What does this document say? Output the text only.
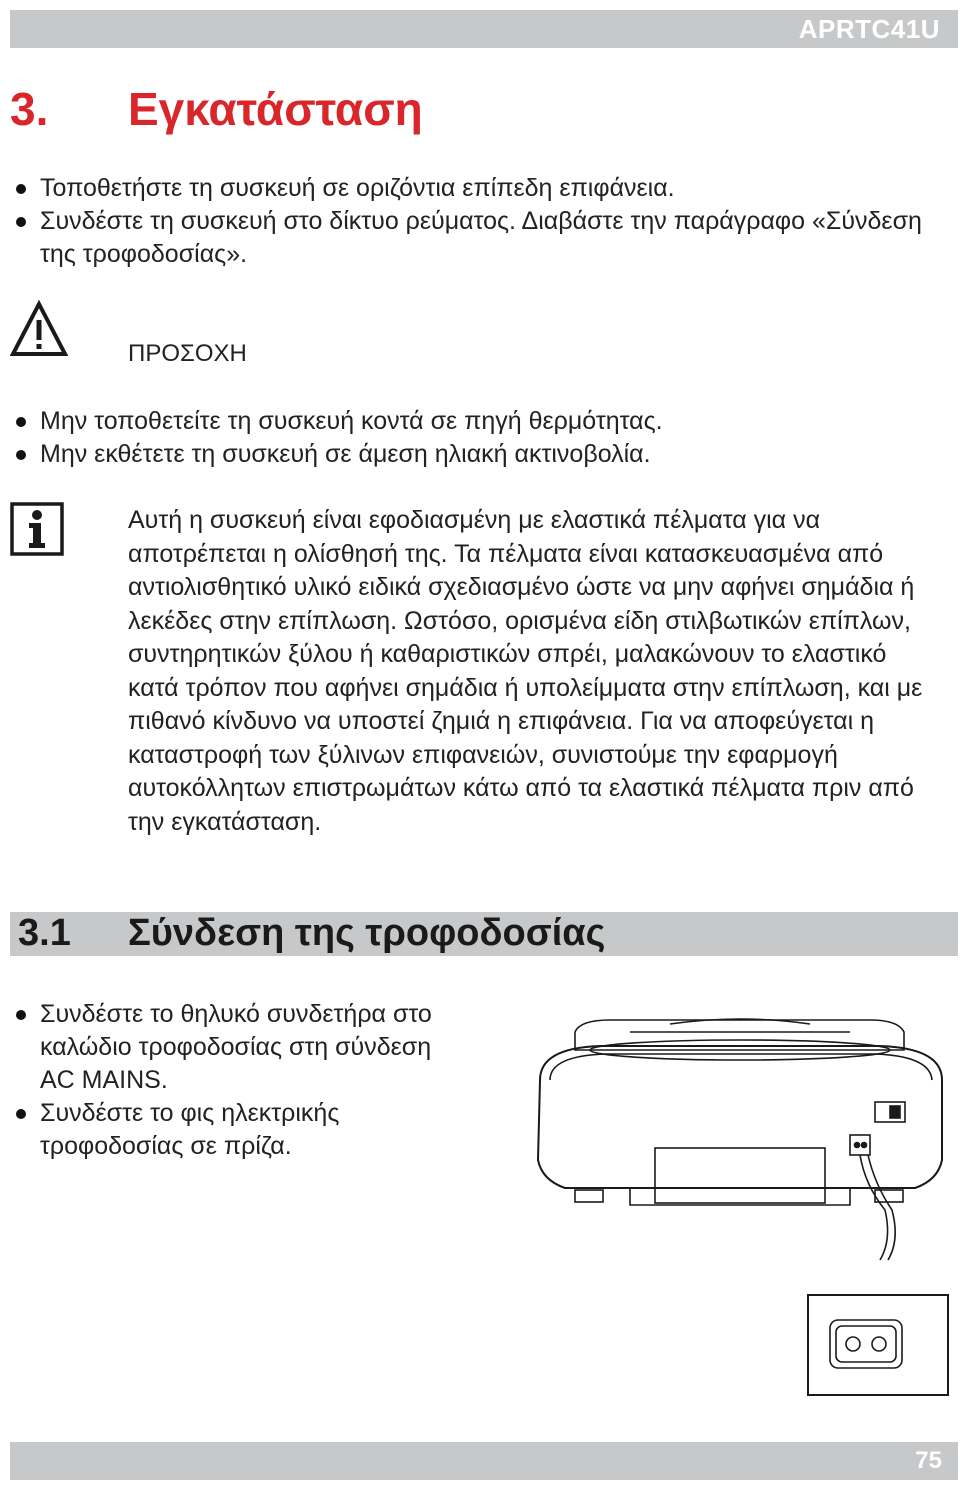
APRTC41U
3. Εγκατάσταση
Τοποθετήστε τη συσκευή σε οριζόντια επίπεδη επιφάνεια.
Συνδέστε τη συσκευή στο δίκτυο ρεύματος. Διαβάστε την παράγραφο «Σύνδεση της τροφοδοσίας».
ΠΡΟΣΟΧΗ
Μην τοποθετείτε τη συσκευή κοντά σε πηγή θερμότητας.
Μην εκθέτετε τη συσκευή σε άμεση ηλιακή ακτινοβολία.

Αυτή η συσκευή είναι εφοδιασμένη με ελαστικά πέλματα για να αποτρέπεται η ολίσθησή της. Τα πέλματα είναι κατασκευασμένα από αντιολισθητικό υλικό ειδικά σχεδιασμένο ώστε να μην αφήνει σημάδια ή λεκέδες στην επίπλωση. Ωστόσο, ορισμένα είδη στιλβωτικών επίπλων, συντηρητικών ξύλου ή καθαριστικών σπρέι, μαλακώνουν το ελαστικό κατά τρόπον που αφήνει σημάδια ή υπολείμματα στην επίπλωση, και με πιθανό κίνδυνο να υποστεί ζημιά η επιφάνεια. Για να αποφεύγεται η καταστροφή των ξύλινων επιφανειών, συνιστούμε την εφαρμογή αυτοκόλλητων επιστρωμάτων κάτω από τα ελαστικά πέλματα πριν από την εγκατάσταση.

3.1 Σύνδεση της τροφοδοσίας
Συνδέστε το θηλυκό συνδετήρα στο καλώδιο τροφοδοσίας στη σύνδεση AC MAINS.
Συνδέστε το φις ηλεκτρικής τροφοδοσίας σε πρίζα.
75
